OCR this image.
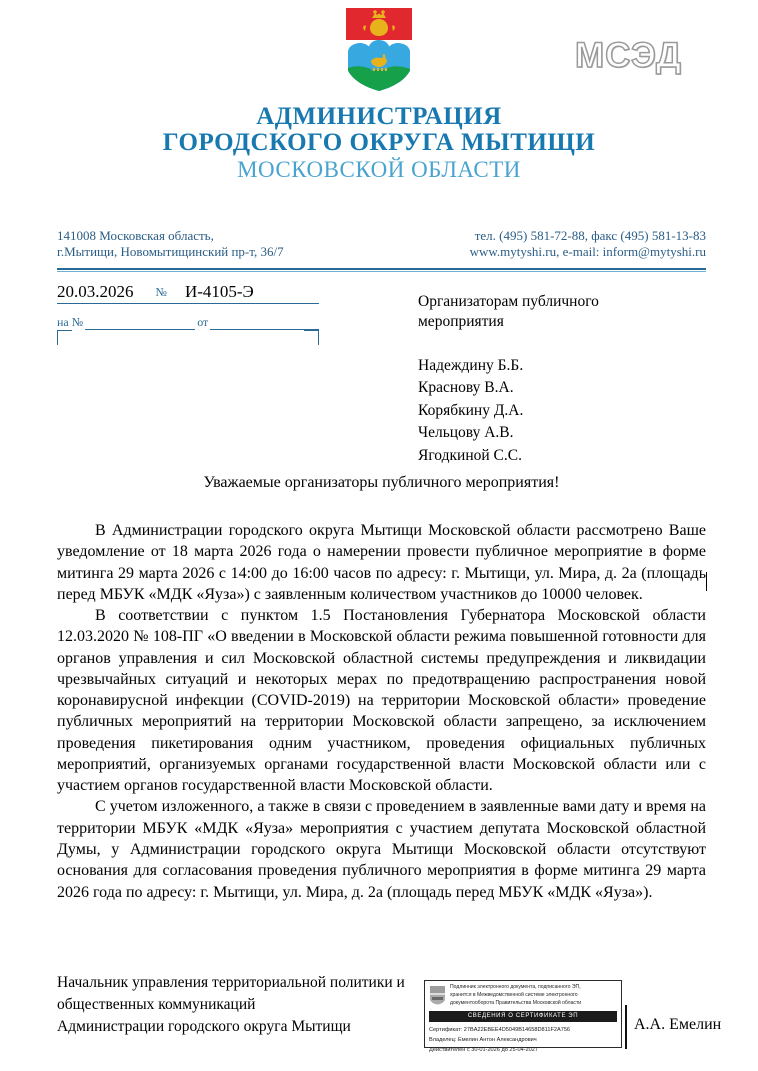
МСЭД
АДМИНИСТРАЦИЯ
ГОРОДСКОГО ОКРУГА МЫТИЩИ
МОСКОВСКОЙ ОБЛАСТИ
141008 Московская область,
г.Мытищи, Новомытищинский пр-т, 36/7
тел. (495) 581-72-88, факс (495) 581-13-83
www.mytyshi.ru, e-mail: inform@mytyshi.ru
20.03.2026 № И-4105-Э
на №	от
Организаторам публичного
мероприятия
Надеждину Б.Б.
Краснову В.А.
Корябкину Д.А.
Чельцову А.В.
Ягодкиной С.С.
Уважаемые организаторы публичного мероприятия!

В Администрации городского округа Мытищи Московской области рассмотрено Ваше уведомление от 18 марта 2026 года о намерении провести публичное мероприятие в форме митинга 29 марта 2026 с 14:00 до 16:00 часов по адресу: г. Мытищи, ул. Мира, д. 2а (площадь перед МБУК «МДК «Яуза») с заявленным количеством участников до 10000 человек.

В соответствии с пунктом 1.5 Постановления Губернатора Московской области 12.03.2020 № 108-ПГ «О введении в Московской области режима повышенной готовности для органов управления и сил Московской областной системы предупреждения и ликвидации чрезвычайных ситуаций и некоторых мерах по предотвращению распространения новой коронавирусной инфекции (COVID-2019) на территории Московской области» проведение публичных мероприятий на территории Московской области запрещено, за исключением проведения пикетирования одним участником, проведения официальных публичных мероприятий, организуемых органами государственной власти Московской области или с участием органов государственной власти Московской области.

С учетом изложенного, а также в связи с проведением в заявленные вами дату и время на территории МБУК «МДК «Яуза» мероприятия с участием депутата Московской областной Думы, у Администрации городского округа Мытищи Московской области отсутствуют основания для согласования проведения публичного мероприятия в форме митинга 29 марта 2026 года по адресу: г. Мытищи, ул. Мира, д. 2а (площадь перед МБУК «МДК «Яуза»).

Начальник управления территориальной политики и
общественных коммуникаций
Администрации городского округа Мытищи	А.А. Емелин
Подлинник электронного документа, подписанного ЭП,
хранится в Межведомственной системе электронного
документооборота Правительства Московской области
СВЕДЕНИЯ О СЕРТИФИКАТЕ ЭП
Сертификат: 27BA22EBEE4D5049B14658D811F2A756
Владелец: Емелин Антон Александрович
Действителен с 30-01-2026 до 25-04-2027
